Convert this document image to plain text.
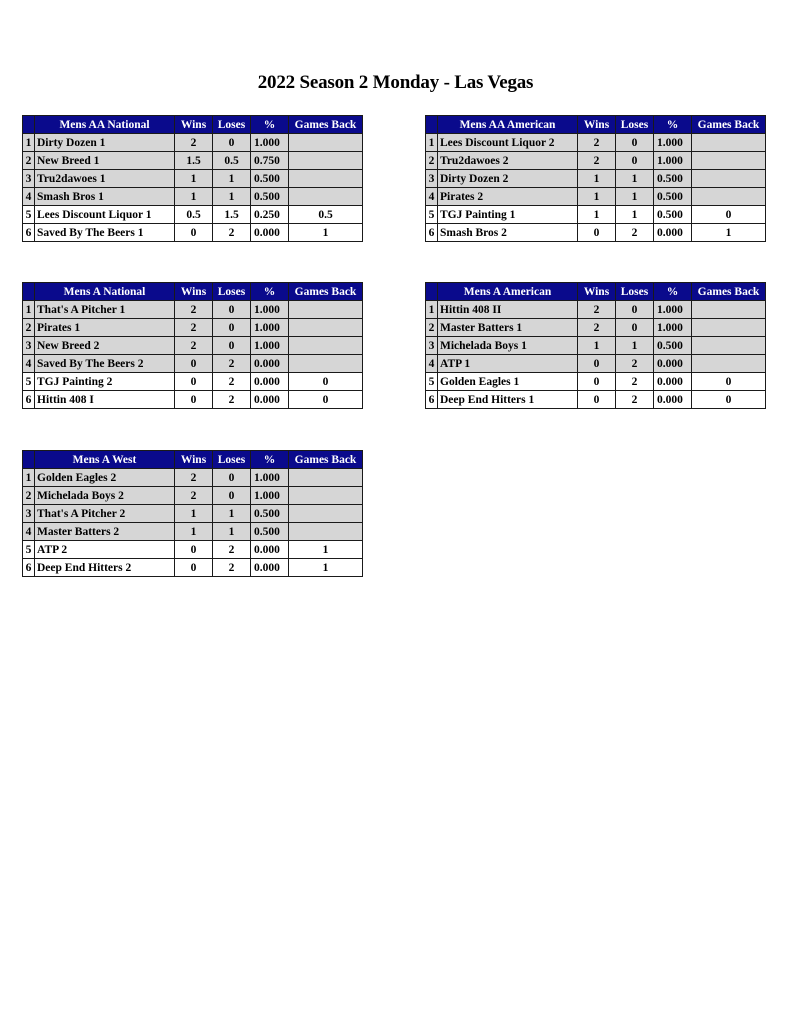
2022 Season 2 Monday - Las Vegas
	Mens AA National	Wins	Loses	%	Games Back
1	Dirty Dozen 1	2	0	1.000	
2	New Breed 1	1.5	0.5	0.750	
3	Tru2dawoes 1	1	1	0.500	
4	Smash Bros 1	1	1	0.500	
5	Lees Discount Liquor 1	0.5	1.5	0.250	0.5
6	Saved By The Beers 1	0	2	0.000	1
	Mens AA American	Wins	Loses	%	Games Back
1	Lees Discount Liquor 2	2	0	1.000	
2	Tru2dawoes 2	2	0	1.000	
3	Dirty Dozen 2	1	1	0.500	
4	Pirates 2	1	1	0.500	
5	TGJ Painting 1	1	1	0.500	0
6	Smash Bros 2	0	2	0.000	1
	Mens A National	Wins	Loses	%	Games Back
1	That's A Pitcher 1	2	0	1.000	
2	Pirates 1	2	0	1.000	
3	New Breed 2	2	0	1.000	
4	Saved By The Beers 2	0	2	0.000	
5	TGJ Painting 2	0	2	0.000	0
6	Hittin 408 I	0	2	0.000	0
	Mens A American	Wins	Loses	%	Games Back
1	Hittin 408 II	2	0	1.000	
2	Master Batters 1	2	0	1.000	
3	Michelada Boys 1	1	1	0.500	
4	ATP 1	0	2	0.000	
5	Golden Eagles 1	0	2	0.000	0
6	Deep End Hitters 1	0	2	0.000	0
	Mens A West	Wins	Loses	%	Games Back
1	Golden Eagles 2	2	0	1.000	
2	Michelada Boys 2	2	0	1.000	
3	That's A Pitcher 2	1	1	0.500	
4	Master Batters 2	1	1	0.500	
5	ATP 2	0	2	0.000	1
6	Deep End Hitters 2	0	2	0.000	1
